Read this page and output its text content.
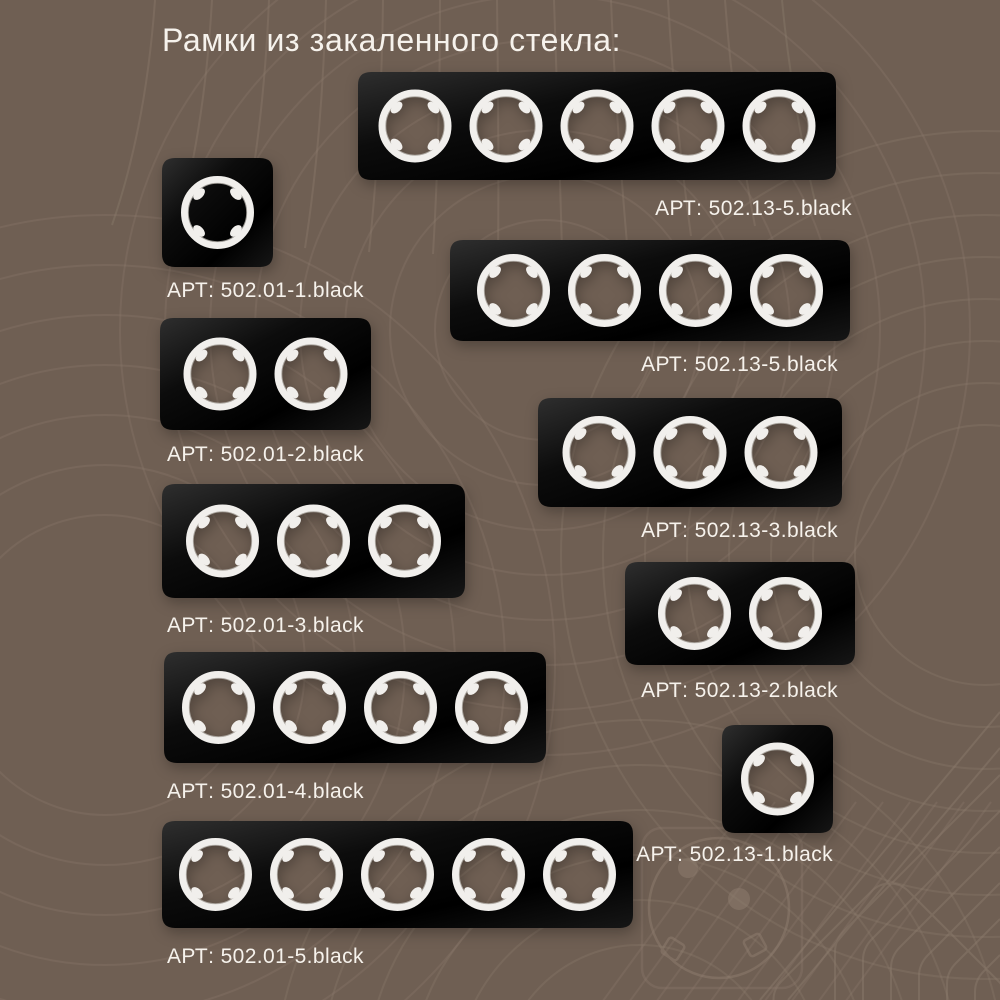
Рамки из закаленного стекла:
АРТ: 502.01-1.black
АРТ: 502.01-2.black
АРТ: 502.01-3.black
АРТ: 502.01-4.black
АРТ: 502.01-5.black
АРТ: 502.13-5.black
АРТ: 502.13-5.black
АРТ: 502.13-3.black
АРТ: 502.13-2.black
АРТ: 502.13-1.black
